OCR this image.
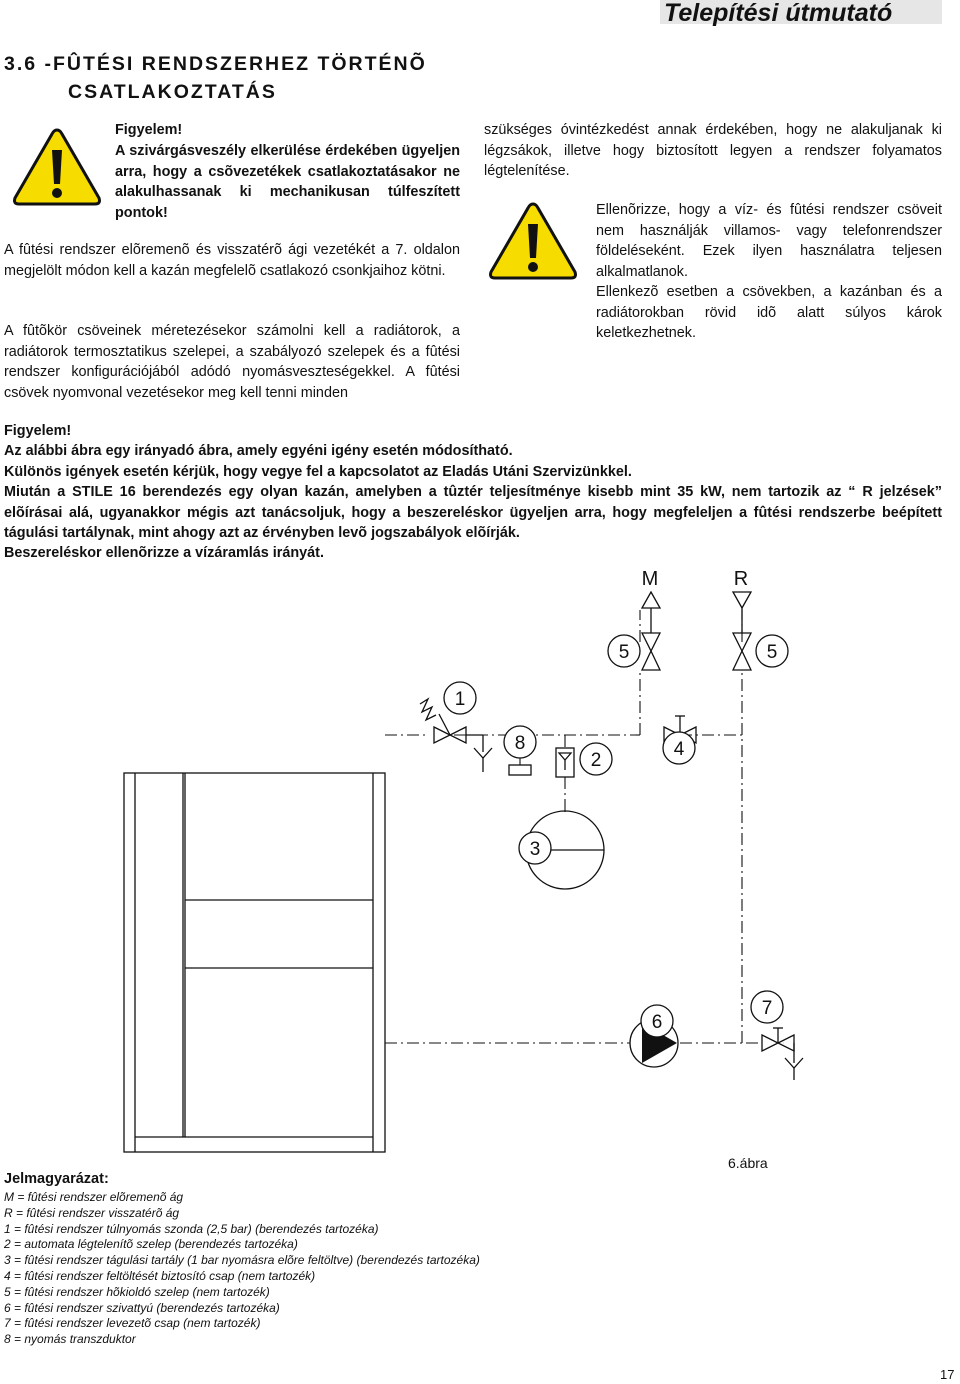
Telepítési útmutató
3.6 -FÛTÉSI RENDSZERHEZ TÖRTÉNÕ
CSATLAKOZTATÁS
Figyelem!
A szivárgásveszély elkerülése érdekében ügyeljen arra, hogy a csõvezetékek csatlakoztatásakor ne alakulhassanak ki mechanikusan túlfeszített pontok!
A fûtési rendszer elõremenõ és visszatérõ ági vezetékét a 7. oldalon megjelölt módon kell a kazán megfelelõ csatlakozó csonkjaihoz kötni.
A fûtõkör csöveinek méretezésekor számolni kell a radiátorok, a radiátorok termosztatikus szelepei, a szabályozó szelepek és a fûtési rendszer konfigurációjából adódó nyomásveszteségekkel. A fûtési csövek nyomvonal vezetésekor meg kell tenni minden
szükséges óvintézkedést annak érdekében, hogy ne alakuljanak ki légzsákok, illetve hogy biztosított legyen a rendszer folyamatos légtelenítése.
Ellenõrizze, hogy a víz- és fûtési rendszer csöveit nem használják villamos- vagy telefonrendszer földeléseként. Ezek ilyen használatra teljesen alkalmatlanok.
Ellenkezõ esetben a csövekben, a kazánban és a radiátorokban rövid idõ alatt súlyos károk keletkezhetnek.
Figyelem!
Az alábbi ábra egy irányadó ábra, amely egyéni igény esetén módosítható.
Különös igények esetén kérjük, hogy vegye fel a kapcsolatot az Eladás Utáni Szervizünkkel.
Miután a STILE 16 berendezés egy olyan kazán, amelyben a tûztér teljesítménye kisebb mint 35 kW, nem tartozik az “ R jelzések” elõírásai alá, ugyanakkor mégis azt tanácsoljuk, hogy a beszereléskor ügyeljen arra, hogy megfeleljen a fûtési rendszerbe beépített tágulási tartálynak, mint ahogy azt az érvényben levõ jogszabályok elõírják.
Beszereléskor ellenõrizze a vízáramlás irányát.
M	R
1
2
3
4
5	5
6
7
8
6.ábra
Jelmagyarázat:
M = fûtési rendszer elõremenõ ág
R = fûtési rendszer visszatérõ ág
1 = fûtési rendszer túlnyomás szonda (2,5 bar) (berendezés tartozéka)
2 = automata légtelenítõ szelep (berendezés tartozéka)
3 = fûtési rendszer tágulási tartály (1 bar nyomásra elõre feltöltve) (berendezés tartozéka)
4 = fûtési rendszer feltöltését biztosító csap (nem tartozék)
5 = fûtési rendszer hõkioldó szelep (nem tartozék)
6 = fûtési rendszer szivattyú (berendezés tartozéka)
7 = fûtési rendszer levezetõ csap (nem tartozék)
8 = nyomás transzduktor
17
